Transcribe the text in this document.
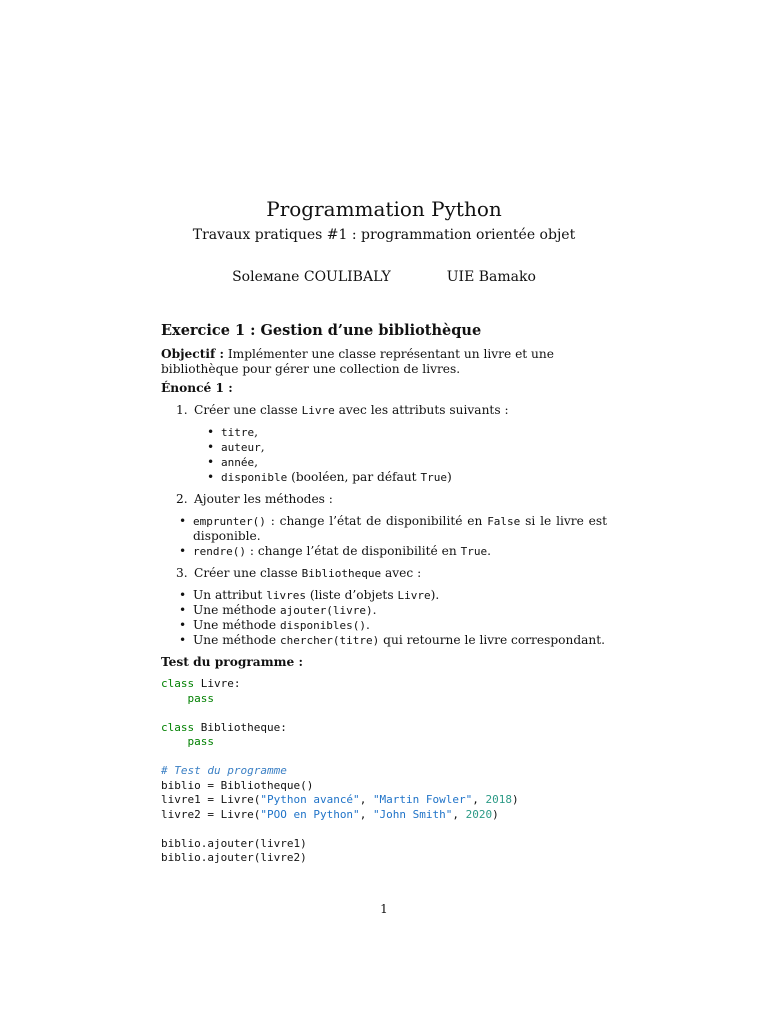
Programmation Python
Travaux pratiques #1 : programmation orientée objet
Soleмane COULIBALY	UIE Bamako
Exercice 1 : Gestion d’une bibliothèque

Objectif : Implémenter une classe représentant un livre et une bibliothèque pour gérer une collection de livres.

Énoncé 1 :
1. Créer une classe Livre avec les attributs suivants :
• titre,
• auteur,
• année,
• disponible (booléen, par défaut True)
2. Ajouter les méthodes :
• emprunter() : change l’état de disponibilité en False si le livre est disponible.
• rendre() : change l’état de disponibilité en True.
3. Créer une classe Bibliotheque avec :
• Un attribut livres (liste d’objets Livre).
• Une méthode ajouter(livre).
• Une méthode disponibles().
• Une méthode chercher(titre) qui retourne le livre correspondant.
Test du programme :
class Livre:
pass
class Bibliotheque:
pass
# Test du programme
biblio = Bibliotheque()
livre1 = Livre("Python avancé", "Martin Fowler", 2018)
livre2 = Livre("POO en Python", "John Smith", 2020)
biblio.ajouter(livre1)
biblio.ajouter(livre2)
1
